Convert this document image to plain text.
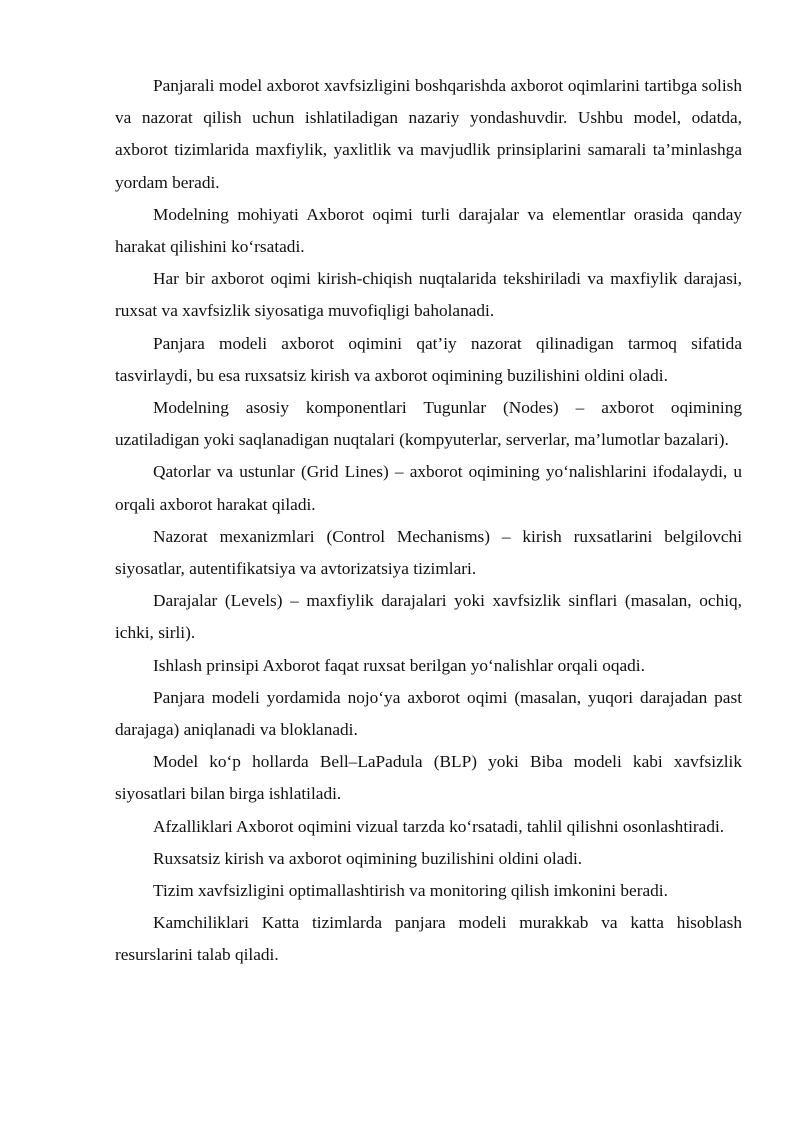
Panjarali model axborot xavfsizligini boshqarishda axborot oqimlarini tartibga solish va nazorat qilish uchun ishlatiladigan nazariy yondashuvdir. Ushbu model, odatda, axborot tizimlarida maxfiylik, yaxlitlik va mavjudlik prinsiplarini samarali ta’minlashga yordam beradi.

Modelning mohiyati Axborot oqimi turli darajalar va elementlar orasida qanday harakat qilishini ko‘rsatadi.

Har bir axborot oqimi kirish-chiqish nuqtalarida tekshiriladi va maxfiylik darajasi, ruxsat va xavfsizlik siyosatiga muvofiqligi baholanadi.

Panjara modeli axborot oqimini qat’iy nazorat qilinadigan tarmoq sifatida tasvirlaydi, bu esa ruxsatsiz kirish va axborot oqimining buzilishini oldini oladi.

Modelning asosiy komponentlari Tugunlar (Nodes) – axborot oqimining uzatiladigan yoki saqlanadigan nuqtalari (kompyuterlar, serverlar, ma’lumotlar bazalari).

Qatorlar va ustunlar (Grid Lines) – axborot oqimining yo‘nalishlarini ifodalaydi, u orqali axborot harakat qiladi.

Nazorat mexanizmlari (Control Mechanisms) – kirish ruxsatlarini belgilovchi siyosatlar, autentifikatsiya va avtorizatsiya tizimlari.

Darajalar (Levels) – maxfiylik darajalari yoki xavfsizlik sinflari (masalan, ochiq, ichki, sirli).

Ishlash prinsipi Axborot faqat ruxsat berilgan yo‘nalishlar orqali oqadi.

Panjara modeli yordamida nojo‘ya axborot oqimi (masalan, yuqori darajadan past darajaga) aniqlanadi va bloklanadi.

Model ko‘p hollarda Bell–LaPadula (BLP) yoki Biba modeli kabi xavfsizlik siyosatlari bilan birga ishlatiladi.

Afzalliklari Axborot oqimini vizual tarzda ko‘rsatadi, tahlil qilishni osonlashtiradi.

Ruxsatsiz kirish va axborot oqimining buzilishini oldini oladi.

Tizim xavfsizligini optimallashtirish va monitoring qilish imkonini beradi.

Kamchiliklari Katta tizimlarda panjara modeli murakkab va katta hisoblash resurslarini talab qiladi.
